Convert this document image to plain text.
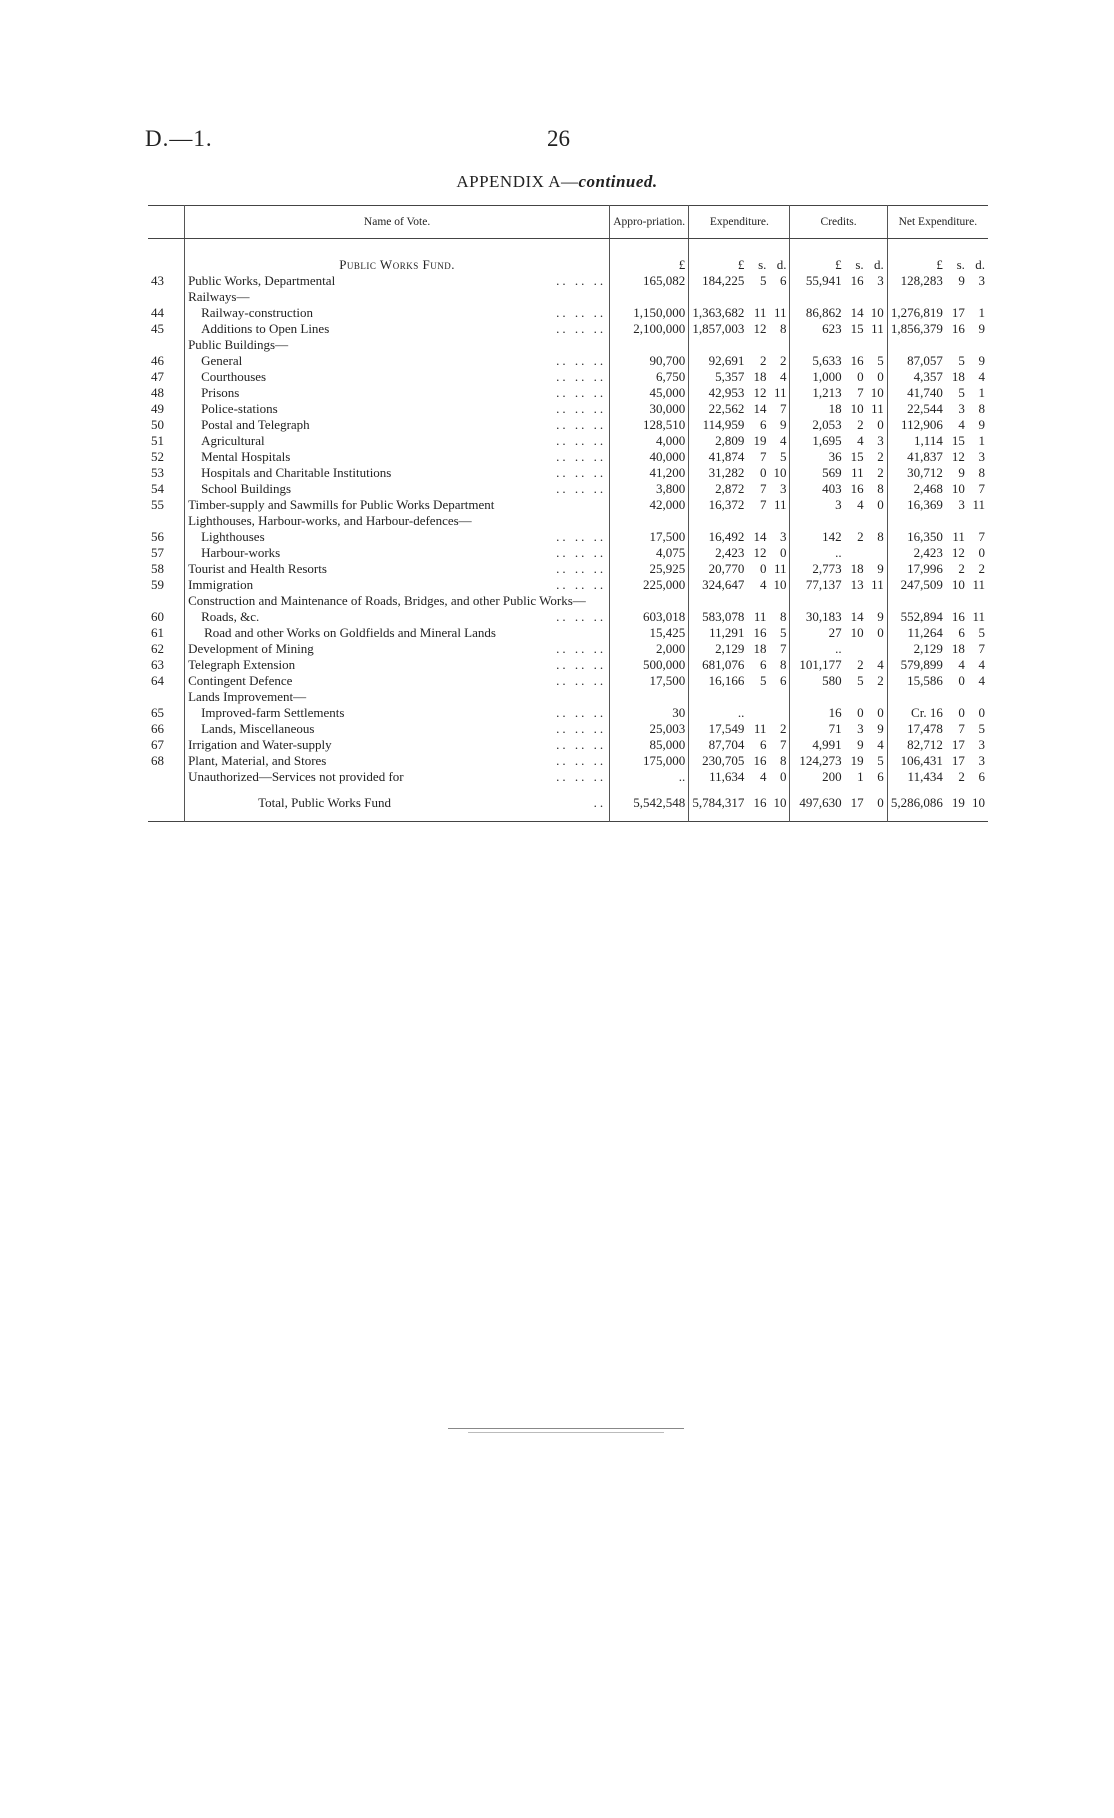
D.—1.	26
APPENDIX A—continued.
	Name of Vote.	Appro-priation.	Expenditure.			Credits.			Net Expenditure.		
	Public Works Fund.	£	£	s.	d.	£	s.	d.	£	s.	d.
43	Public Works, Departmental .. .. ..	165,082	184,225	5	6	55,941	16	3	128,283	9	3

	Railways—										

44	Railway-construction .. .. ..	1,150,000	1,363,682	11	11	86,862	14	10	1,276,819	17	1
45	Additions to Open Lines .. .. ..	2,100,000	1,857,003	12	8	623	15	11	1,856,379	16	9

	Public Buildings—										

46	General .. .. ..	90,700	92,691	2	2	5,633	16	5	87,057	5	9
47	Courthouses .. .. ..	6,750	5,357	18	4	1,000	0	0	4,357	18	4
48	Prisons .. .. ..	45,000	42,953	12	11	1,213	7	10	41,740	5	1
49	Police-stations .. .. ..	30,000	22,562	14	7	18	10	11	22,544	3	8
50	Postal and Telegraph .. .. ..	128,510	114,959	6	9	2,053	2	0	112,906	4	9
51	Agricultural .. .. ..	4,000	2,809	19	4	1,695	4	3	1,114	15	1
52	Mental Hospitals .. .. ..	40,000	41,874	7	5	36	15	2	41,837	12	3
53	Hospitals and Charitable Institutions .. .. ..	41,200	31,282	0	10	569	11	2	30,712	9	8
54	School Buildings .. .. ..	3,800	2,872	7	3	403	16	8	2,468	10	7
55	Timber-supply and Sawmills for Public Works Department	42,000	16,372	7	11	3	4	0	16,369	3	11

	Lighthouses, Harbour-works, and Harbour-defences—										

56	Lighthouses .. .. ..	17,500	16,492	14	3	142	2	8	16,350	11	7
57	Harbour-works .. .. ..	4,075	2,423	12	0	..			2,423	12	0
58	Tourist and Health Resorts .. .. ..	25,925	20,770	0	11	2,773	18	9	17,996	2	2
59	Immigration .. .. ..	225,000	324,647	4	10	77,137	13	11	247,509	10	11

	Construction and Maintenance of Roads, Bridges, and other Public Works—										

60	Roads, &c. .. .. ..	603,018	583,078	11	8	30,183	14	9	552,894	16	11
61	Road and other Works on Goldfields and Mineral Lands	15,425	11,291	16	5	27	10	0	11,264	6	5
62	Development of Mining .. .. ..	2,000	2,129	18	7	..			2,129	18	7
63	Telegraph Extension .. .. ..	500,000	681,076	6	8	101,177	2	4	579,899	4	4
64	Contingent Defence .. .. ..	17,500	16,166	5	6	580	5	2	15,586	0	4

	Lands Improvement—										

65	Improved-farm Settlements .. .. ..	30	..			16	0	0	Cr. 16	0	0
66	Lands, Miscellaneous .. .. ..	25,003	17,549	11	2	71	3	9	17,478	7	5
67	Irrigation and Water-supply .. .. ..	85,000	87,704	6	7	4,991	9	4	82,712	17	3
68	Plant, Material, and Stores .. .. ..	175,000	230,705	16	8	124,273	19	5	106,431	17	3

	Unauthorized—Services not provided for .. .. ..	..	11,634	4	0	200	1	6	11,434	2	6

	Total, Public Works Fund ..	5,542,548	5,784,317	16	10	497,630	17	0	5,286,086	19	10
